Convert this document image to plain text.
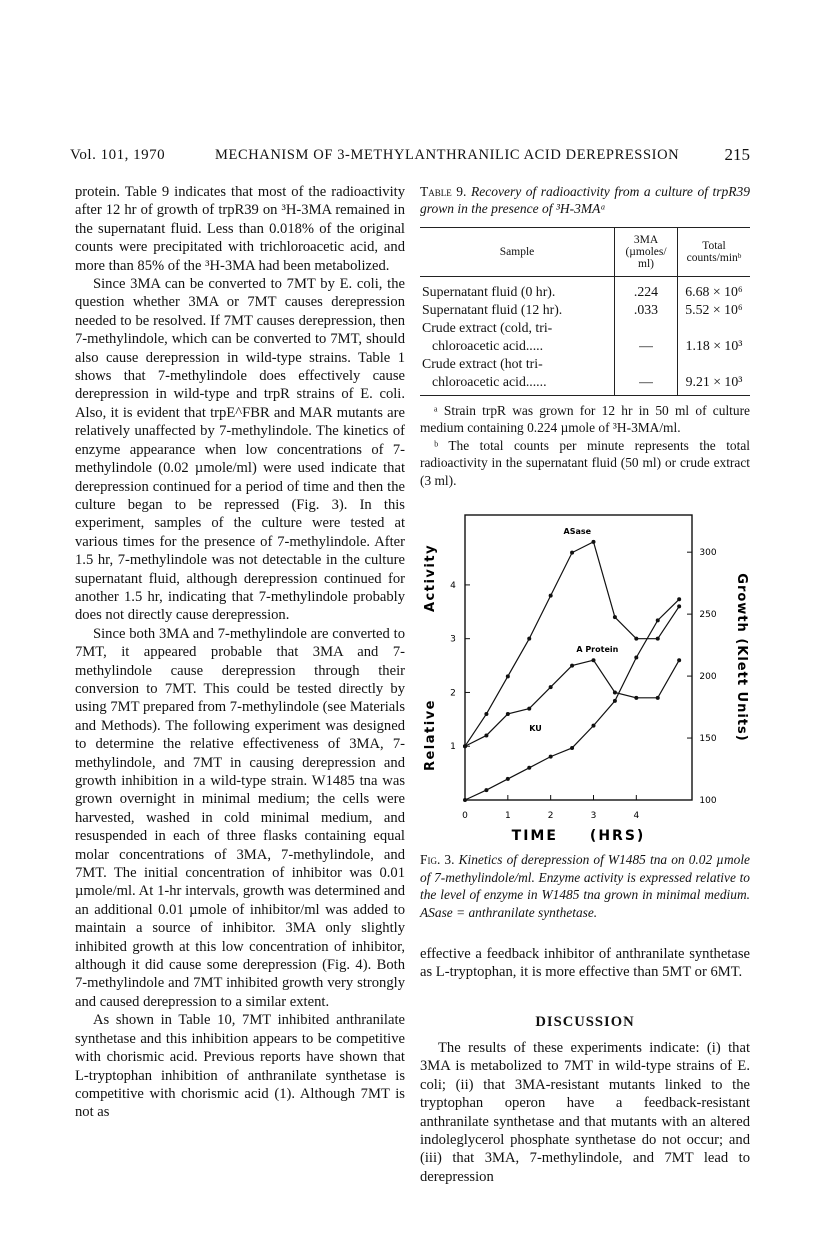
Vol. 101, 1970	MECHANISM OF 3-METHYLANTHRANILIC ACID DEREPRESSION	215

protein. Table 9 indicates that most of the radioactivity after 12 hr of growth of trpR39 on ³H-3MA remained in the supernatant fluid. Less than 0.018% of the original counts were precipitated with trichloroacetic acid, and more than 85% of the ³H-3MA had been metabolized.

Since 3MA can be converted to 7MT by E. coli, the question whether 3MA or 7MT causes derepression needed to be resolved. If 7MT causes derepression, then 7-methylindole, which can be converted to 7MT, should also cause derepression in wild-type strains. Table 1 shows that 7-methylindole does effectively cause derepression in wild-type and trpR strains of E. coli. Also, it is evident that trpE^FBR and MAR mutants are relatively unaffected by 7-methylindole. The kinetics of enzyme appearance when low concentrations of 7-methylindole (0.02 µmole/ml) were used indicate that derepression continued for a period of time and then the culture began to be repressed (Fig. 3). In this experiment, samples of the culture were tested at various times for the presence of 7-methylindole. After 1.5 hr, 7-methylindole was not detectable in the culture supernatant fluid, although derepression continued for another 1.5 hr, indicating that 7-methylindole probably does not directly cause derepression.

Since both 3MA and 7-methylindole are converted to 7MT, it appeared probable that 3MA and 7-methylindole cause derepression through their conversion to 7MT. This could be tested directly by using 7MT prepared from 7-methylindole (see Materials and Methods). The following experiment was designed to determine the relative effectiveness of 3MA, 7-methylindole, and 7MT in causing derepression and growth inhibition in a wild-type strain. W1485 tna was grown overnight in minimal medium; the cells were harvested, washed in cold minimal medium, and resuspended in each of three flasks containing equal molar concentrations of 3MA, 7-methylindole, and 7MT. The initial concentration of inhibitor was 0.01 µmole/ml. At 1-hr intervals, growth was determined and an additional 0.01 µmole of inhibitor/ml was added to maintain a source of inhibitor. 3MA only slightly inhibited growth at this low concentration of inhibitor, although it did cause some derepression (Fig. 4). Both 7-methylindole and 7MT inhibited growth very strongly and caused derepression to a similar extent.

As shown in Table 10, 7MT inhibited anthranilate synthetase and this inhibition appears to be competitive with chorismic acid. Previous reports have shown that L-tryptophan inhibition of anthranilate synthetase is competitive with chorismic acid (1). Although 7MT is not as

Table 9. Recovery of radioactivity from a culture of trpR39 grown in the presence of ³H-3MAᵃ

Sample	3MA (µmoles/ ml)	Total counts/minᵇ

Supernatant fluid (0 hr).	.224	6.68 × 10⁶
Supernatant fluid (12 hr).	.033	5.52 × 10⁶
Crude extract (cold, tri-		
chloroacetic acid.....	—	1.18 × 10³
Crude extract (hot tri-		
chloroacetic acid......	—	9.21 × 10³

ᵃ Strain trpR was grown for 12 hr in 50 ml of culture medium containing 0.224 µmole of ³H-3MA/ml.

ᵇ The total counts per minute represents the total radioactivity in the supernatant fluid (50 ml) or crude extract (3 ml).

0	1	2	3	4
1
2
3
4
100
150
200
250
300
TIME  (HRS)
Relative      Activity	Growth (Klett Units)
ASase
A Protein
KU
Fig. 3. Kinetics of derepression of W1485 tna on 0.02 µmole of 7-methylindole/ml. Enzyme activity is expressed relative to the level of enzyme in W1485 tna grown in minimal medium. ASase = anthranilate synthetase.
effective a feedback inhibitor of anthranilate synthetase as L-tryptophan, it is more effective than 5MT or 6MT.
DISCUSSION
The results of these experiments indicate: (i) that 3MA is metabolized to 7MT in wild-type strains of E. coli; (ii) that 3MA-resistant mutants linked to the tryptophan operon have a feedback-resistant anthranilate synthetase and that mutants with an altered indoleglycerol phosphate synthetase do not occur; and (iii) that 3MA, 7-methylindole, and 7MT lead to derepression
